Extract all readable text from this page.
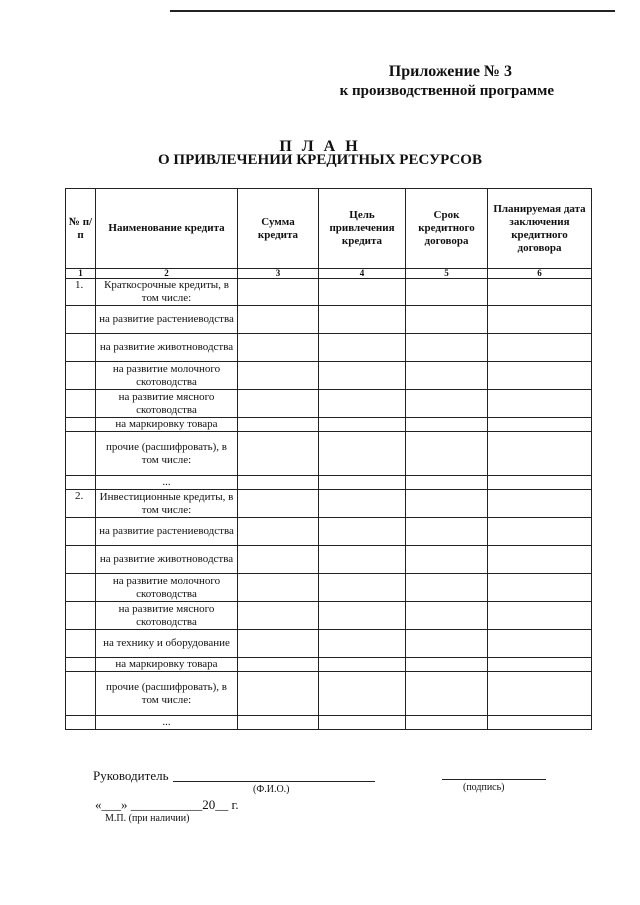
Приложение № 3
к производственной программе
П Л А Н
О ПРИВЛЕЧЕНИИ КРЕДИТНЫХ РЕСУРСОВ
№ п/п	Наименование кредита	Сумма кредита	Цель привлечения кредита	Срок кредитного договора	Планируемая дата заключения кредитного договора
1	2	3	4	5	6
1.	Краткосрочные кредиты, в том числе:				
	на развитие растениеводства				
	на развитие животноводства				
	на развитие молочного скотоводства				
	на развитие мясного скотоводства				
	на маркировку товара				
	прочие (расшифровать), в том числе:				
	...				
2.	Инвестиционные кредиты, в том числе:				
	на развитие растениеводства				
	на развитие животноводства				
	на развитие молочного скотоводства				
	на развитие мясного скотоводства				
	на технику и оборудование				
	на маркировку товара				
	прочие (расшифровать), в том числе:				
	...				
Руководитель
(Ф.И.О.)	(подпись)
«___» ___________20__ г.
М.П. (при наличии)
